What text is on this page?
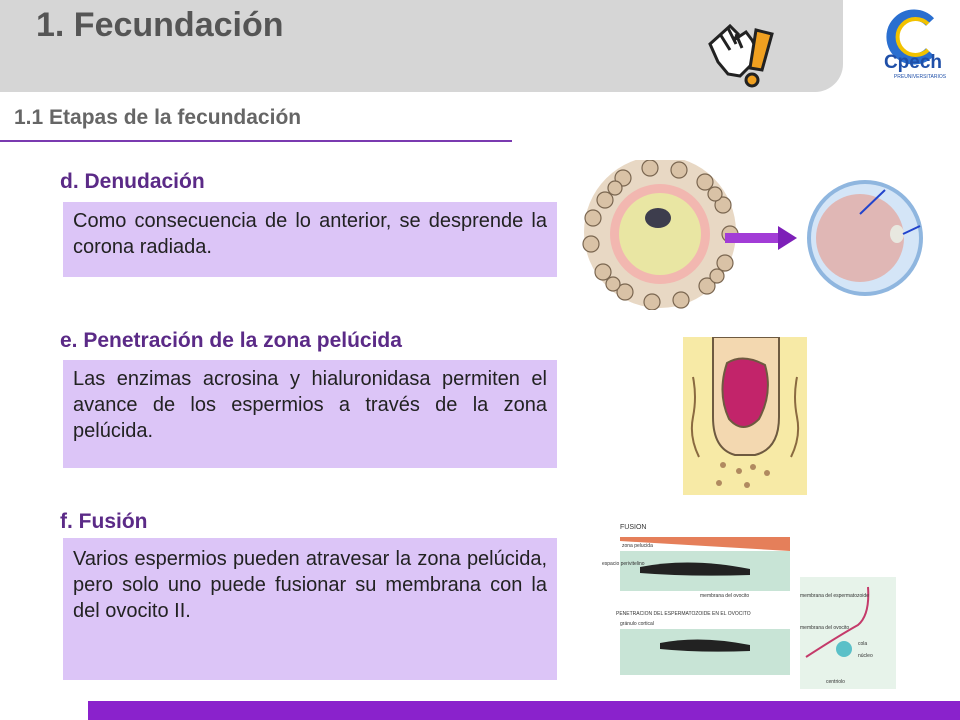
1. Fecundación
Cpech
PREUNIVERSITARIOS
1.1 Etapas de la fecundación
d. Denudación
Como consecuencia de lo anterior, se desprende la corona radiada.
e. Penetración de la zona pelúcida
Las enzimas acrosina y hialuronidasa permiten el avance de los espermios a través de la zona pelúcida.
f. Fusión
Varios espermios pueden atravesar la zona pelúcida, pero solo uno puede fusionar su membrana con la del ovocito II.
FUSION
zona pelucida
espacio perivitelino
membrana del ovocito
PENETRACION DEL ESPERMATOZOIDE EN EL OVOCITO
gránulo cortical
membrana del espermatozoide
membrana del ovocito
cola
núcleo
centriolo
